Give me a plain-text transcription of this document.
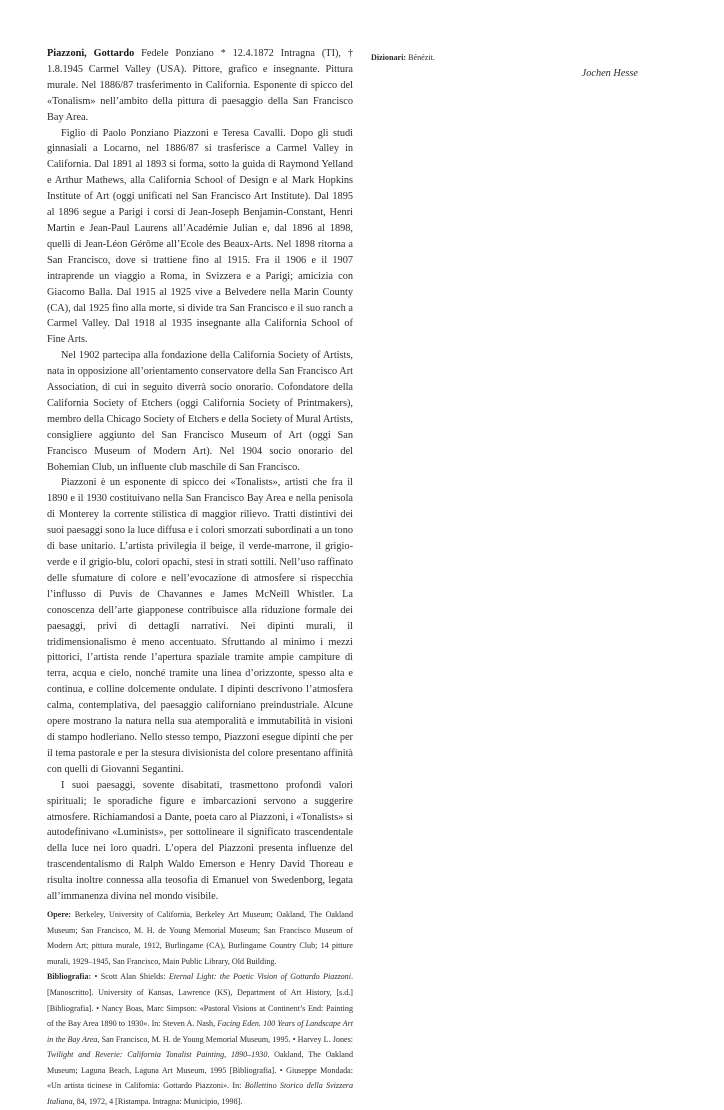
Piazzoni, Gottardo Fedele Ponziano * 12.4.1872 Intragna (TI), † 1.8.1945 Carmel Valley (USA). Pittore, grafico e insegnante. Pittura murale. Nel 1886/87 trasferimento in California. Esponente di spicco del «Tonalism» nell’ambito della pittura di paesaggio della San Francisco Bay Area.

Figlio di Paolo Ponziano Piazzoni e Teresa Cavalli. Dopo gli studi ginnasiali a Locarno, nel 1886/87 si trasferisce a Carmel Valley in California. Dal 1891 al 1893 si forma, sotto la guida di Raymond Yelland e Arthur Mathews, alla California School of Design e al Mark Hopkins Institute of Art (oggi unificati nel San Francisco Art Institute). Dal 1895 al 1896 segue a Parigi i corsi di Jean-Joseph Benjamin-Constant, Henri Martin e Jean-Paul Laurens all’Académie Julian e, dal 1896 al 1898, quelli di Jean-Léon Gérôme all’Ecole des Beaux-Arts. Nel 1898 ritorna a San Francisco, dove si trattiene fino al 1915. Fra il 1906 e il 1907 intraprende un viaggio a Roma, in Svizzera e a Parigi; amicizia con Giacomo Balla. Dal 1915 al 1925 vive a Belvedere nella Marin County (CA), dal 1925 fino alla morte, si divide tra San Francisco e il suo ranch a Carmel Valley. Dal 1918 al 1935 insegnante alla California School of Fine Arts.

Nel 1902 partecipa alla fondazione della California Society of Artists, nata in opposizione all’orientamento conservatore della San Francisco Art Association, di cui in seguito diverrà socio onorario. Cofondatore della California Society of Etchers (oggi California Society of Printmakers), membro della Chicago Society of Etchers e della Society of Mural Artists, consigliere aggiunto del San Francisco Museum of Art (oggi San Francisco Museum of Modern Art). Nel 1904 socio onorario del Bohemian Club, un influente club maschile di San Francisco.

Piazzoni è un esponente di spicco dei «Tonalists», artisti che fra il 1890 e il 1930 costituivano nella San Francisco Bay Area e nella penisola di Monterey la corrente stilistica di maggior rilievo. Tratti distintivi dei suoi paesaggi sono la luce diffusa e i colori smorzati subordinati a un tono di base unitario. L’artista privilegia il beige, il verde-marrone, il grigio-verde e il grigio-blu, colori opachi, stesi in strati sottili. Nell’uso raffinato delle sfumature di colore e nell’evocazione di atmosfere si rispecchia l’influsso di Puvis de Chavannes e James McNeill Whistler. La conoscenza dell’arte giapponese contribuisce alla riduzione formale dei paesaggi, privi di dettagli narrativi. Nei dipinti murali, il tridimensionalismo è meno accentuato. Sfruttando al minimo i mezzi pittorici, l’artista rende l’apertura spaziale tramite ampie campiture di terra, acqua e cielo, nonché tramite una linea d’orizzonte, spesso alta e continua, e colline dolcemente ondulate. I dipinti descrivono l’atmosfera calma, contemplativa, del paesaggio californiano preindustriale. Alcune opere mostrano la natura nella sua atemporalità e immutabilità in visioni di stampo hodleriano. Nello stesso tempo, Piazzoni esegue dipinti che per il tema pastorale e per la stesura divisionista del colore presentano affinità con quelli di Giovanni Segantini.

I suoi paesaggi, sovente disabitati, trasmettono profondi valori spirituali; le sporadiche figure e imbarcazioni servono a suggerire atmosfere. Richiamandosi a Dante, poeta caro al Piazzoni, i «Tonalists» si autodefinivano «Luminists», per sottolineare il significato trascendentale della luce nei loro quadri. L’opera del Piazzoni presenta influenze del trascendentalismo di Ralph Waldo Emerson e Henry David Thoreau e risulta inoltre connessa alla teosofia di Emanuel von Swedenborg, legata all’immanenza divina nel mondo visibile.

Opere: Berkeley, University of California, Berkeley Art Museum; Oakland, The Oakland Museum; San Francisco, M. H. de Young Memorial Museum; San Francisco Museum of Modern Art; pittura murale, 1912, Burlingame (CA), Burlingame Country Club; 14 pitture murali, 1929–1945, San Francisco, Main Public Library, Old Building.

Bibliografia: • Scott Alan Shields: Eternal Light: the Poetic Vision of Gottardo Piazzoni. [Manoscritto]. University of Kansas, Lawrence (KS), Department of Art History, [s.d.] [Bibliografia]. • Nancy Boas, Marc Simpson: «Pastoral Visions at Continent’s End: Painting of the Bay Area 1890 to 1930». In: Steven A. Nash, Facing Eden. 100 Years of Landscape Art in the Bay Area, San Francisco, M. H. de Young Memorial Museum, 1995. • Harvey L. Jones: Twilight and Reverie: California Tonalist Painting, 1890–1930. Oakland, The Oakland Museum; Laguna Beach, Laguna Art Museum, 1995 [Bibliografia]. • Giuseppe Mondada: «Un artista ticinese in California: Gottardo Piazzoni». In: Bollettino Storico della Svizzera Italiana, 84, 1972, 4 [Ristampa. Intragna: Municipio, 1998].

Dizionari: Bénézit.

Jochen Hesse
